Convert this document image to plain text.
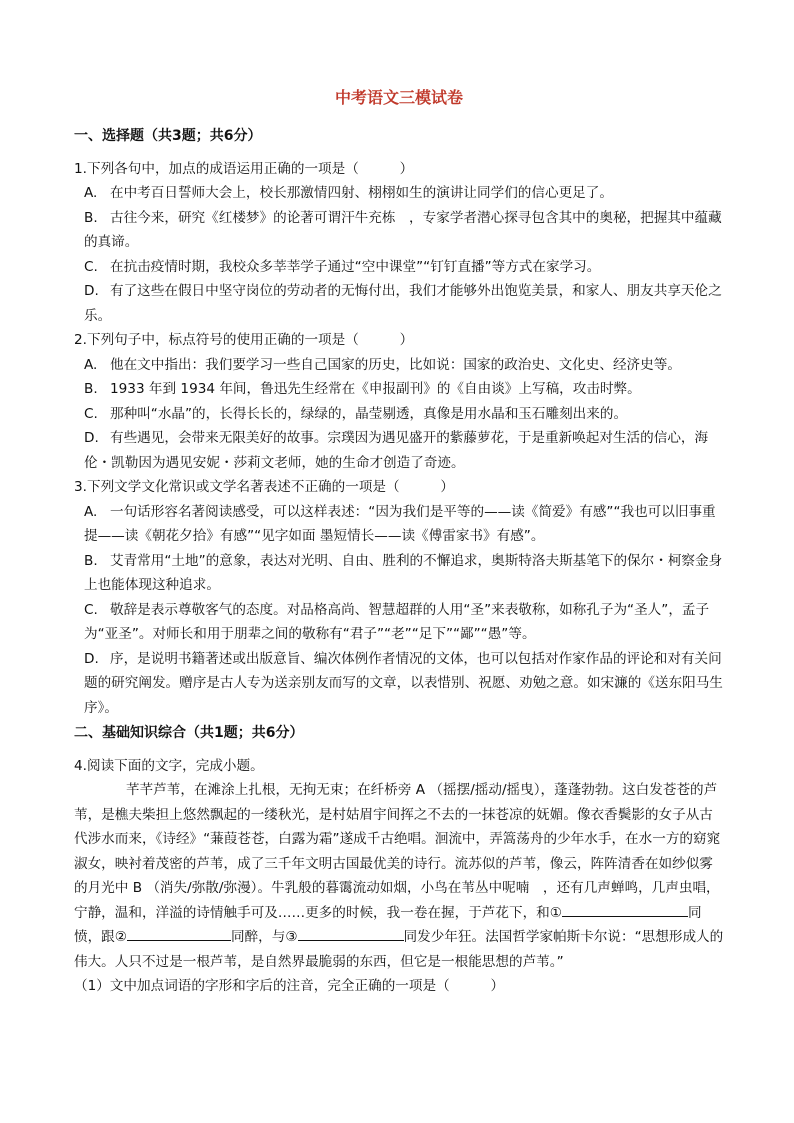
中考语文三模试卷
一、选择题（共3题；共6分）
1.下列各句中，加点的成语运用正确的一项是（　　　）
A. 在中考百日誓师大会上，校长那激情四射、栩栩如生的演讲让同学们的信心更足了。
B. 古往今来，研究《红楼梦》的论著可谓汗牛充栋　，专家学者潜心探寻包含其中的奥秘，把握其中蕴藏的真谛。
C. 在抗击疫情时期，我校众多莘莘学子通过“空中课堂”“钉钉直播”等方式在家学习。
D. 有了这些在假日中坚守岗位的劳动者的无悔付出，我们才能够外出饱览美景，和家人、朋友共享天伦之乐。
2.下列句子中，标点符号的使用正确的一项是（　　　）
A. 他在文中指出：我们要学习一些自己国家的历史，比如说：国家的政治史、文化史、经济史等。
B. 1933 年到 1934 年间，鲁迅先生经常在《申报副刊》的《自由谈》上写稿，攻击时弊。
C. 那种叫“水晶”的，长得长长的，绿绿的，晶莹剔透，真像是用水晶和玉石雕刻出来的。
D. 有些遇见，会带来无限美好的故事。宗璞因为遇见盛开的紫藤萝花，于是重新唤起对生活的信心，海伦・凯勒因为遇见安妮・莎莉文老师，她的生命才创造了奇迹。
3.下列文学文化常识或文学名著表述不正确的一项是（　　　）
A. 一句话形容名著阅读感受，可以这样表述：“因为我们是平等的——读《简爱》有感”“我也可以旧事重提——读《朝花夕拾》有感”“见字如面 墨短情长——读《傅雷家书》有感”。
B. 艾青常用“土地”的意象，表达对光明、自由、胜利的不懈追求，奥斯特洛夫斯基笔下的保尔・柯察金身上也能体现这种追求。
C. 敬辞是表示尊敬客气的态度。对品格高尚、智慧超群的人用“圣”来表敬称，如称孔子为“圣人”，孟子为“亚圣”。对师长和用于朋辈之间的敬称有“君子”“老”“足下”“鄙”“愚”等。
D. 序，是说明书籍著述或出版意旨、编次体例作者情况的文体，也可以包括对作家作品的评论和对有关问题的研究阐发。赠序是古人专为送亲别友而写的文章，以表惜别、祝愿、劝勉之意。如宋濂的《送东阳马生序》。
二、基础知识综合（共1题；共6分）
4.阅读下面的文字，完成小题。
芊芊芦苇，在滩涂上扎根，无拘无束；在纤桥旁 A （摇摆/摇动/摇曳），蓬蓬勃勃。这白发苍苍的芦苇，是樵夫柴担上悠然飘起的一缕秋光，是村姑眉宇间挥之不去的一抹苍凉的妩媚。像衣香鬓影的女子从古代涉水而来，《诗经》“蒹葭苍苍，白露为霜”遂成千古绝唱。洄流中，弄篙荡舟的少年水手，在水一方的窈窕淑女，映衬着茂密的芦苇，成了三千年文明古国最优美的诗行。流苏似的芦苇，像云，阵阵清香在如纱似雾的月光中 B （消失/弥散/弥漫）。牛乳般的暮霭流动如烟，小鸟在苇丛中呢喃　，还有几声蝉鸣，几声虫唱，宁静，温和，洋溢的诗情触手可及……更多的时候，我一卷在握，于芦花下，和①	同愤，跟②	同醉，与③	同发少年狂。法国哲学家帕斯卡尔说：“思想形成人的伟大。人只不过是一根芦苇，是自然界最脆弱的东西，但它是一根能思想的芦苇。”
（1）文中加点词语的字形和字后的注音，完全正确的一项是（　　　）
